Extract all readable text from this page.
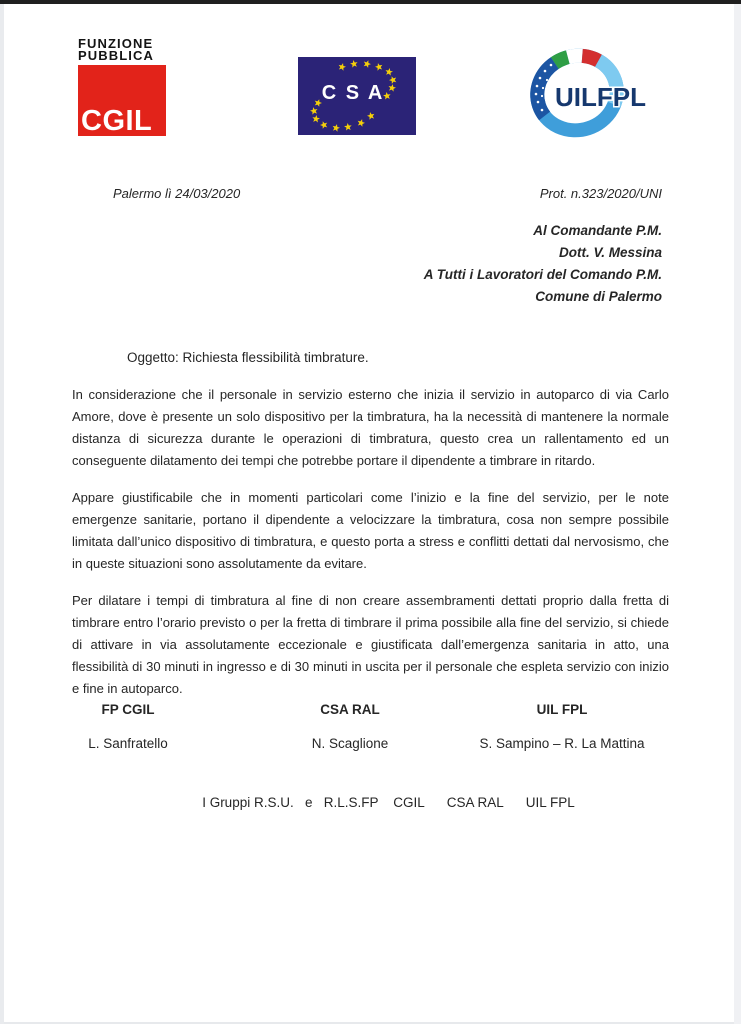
FUNZIONE
PUBBLICA
CGIL
C S A	UILFPL
Palermo lì 24/03/2020	Prot. n.323/2020/UNI
Al Comandante P.M.
Dott. V. Messina
A Tutti i Lavoratori del Comando P.M.
Comune di Palermo
Oggetto: Richiesta flessibilità timbrature.

In considerazione che il personale in servizio esterno che inizia il servizio in autoparco di via Carlo Amore, dove è presente un solo dispositivo per la timbratura, ha la necessità di mantenere la normale distanza di sicurezza durante le operazioni di timbratura, questo crea un rallentamento ed un conseguente dilatamento dei tempi che potrebbe portare il dipendente a timbrare in ritardo.

Appare giustificabile che in momenti particolari come l’inizio e la fine del servizio, per le note emergenze sanitarie, portano il dipendente a velocizzare la timbratura, cosa non sempre possibile limitata dall’unico dispositivo di timbratura, e questo porta a stress e conflitti dettati dal nervosismo, che in queste situazioni sono assolutamente da evitare.

Per dilatare i tempi di timbratura al fine di non creare assembramenti dettati proprio dalla fretta di timbrare entro l’orario previsto o per la fretta di timbrare il prima possibile alla fine del servizio, si chiede di attivare in via assolutamente eccezionale e giustificata dall’emergenza sanitaria in atto, una flessibilità di 30 minuti in ingresso e di 30 minuti in uscita per il personale che espleta servizio con inizio e fine in autoparco.

FP CGIL
L. Sanfratello
CSA RAL
N. Scaglione
UIL FPL
S. Sampino – R. La Mattina
I Gruppi R.S.U.   e   R.L.S.FP    CGIL      CSA RAL      UIL FPL
